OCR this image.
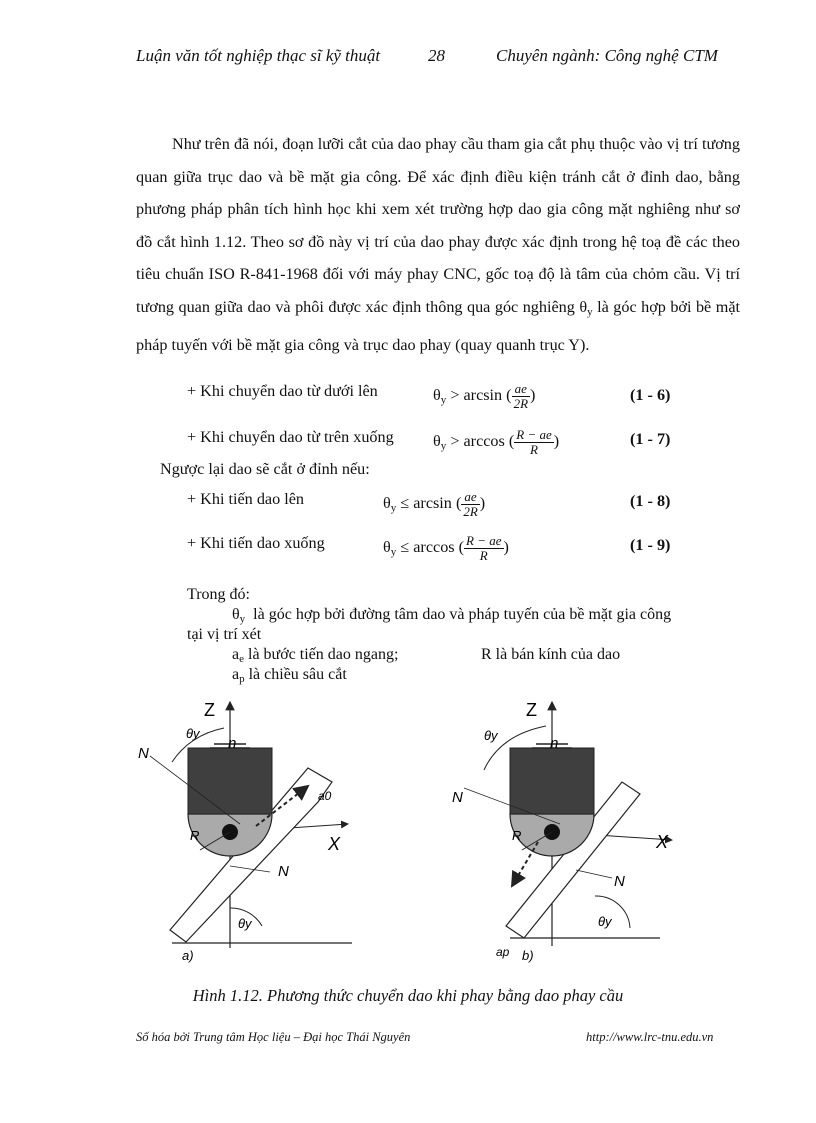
Luận văn tốt nghiệp thạc sĩ kỹ thuật	28	Chuyên ngành: Công nghệ CTM

Như trên đã nói, đoạn lưỡi cắt của dao phay cầu tham gia cắt phụ thuộc vào vị trí tương quan giữa trục dao và bề mặt gia công. Để xác định điều kiện tránh cắt ở đỉnh dao, bằng phương pháp phân tích hình học khi xem xét trường hợp dao gia công mặt nghiêng như sơ đồ cắt hình 1.12. Theo sơ đồ này vị trí của dao phay được xác định trong hệ toạ đề các theo tiêu chuẩn ISO R-841-1968 đối với máy phay CNC, gốc toạ độ là tâm của chỏm cầu. Vị trí tương quan giữa dao và phôi được xác định thông qua góc nghiêng $\theta_y$ là góc hợp bởi bề mặt pháp tuyến với bề mặt gia công và trục dao phay (quay quanh trục Y).

+ Khi chuyển dao từ dưới lên	$\theta_y > \arcsin$ ( $\frac{ae}{2R}$ )	(1 - 6)
+ Khi chuyển dao từ trên xuống $\theta_y > \arccos$ ( $\frac{R - ae}{R}$ )	(1 - 7)
Ngược lại dao sẽ cắt ở đỉnh nếu:
+ Khi tiến dao lên	$\theta_y \le \arcsin$ ( $\frac{ae}{2R}$ )	(1 - 8)
+ Khi tiến dao xuống	$\theta_y \le \arccos$ ( $\frac{R - ae}{R}$ )	(1 - 9)
Trong đó:
$\theta_y$ là góc hợp bởi đường tâm dao và pháp tuyến của bề mặt gia công
tại vị trí xét
$a_e$ là bước tiến dao ngang;	R là bán kính của dao
$a_p$ là chiều sâu cắt
Z
X
R
n
N
θy
a0
N
θy
a)
Z
X
R
n
N
θy
N
θy
ap b)
Hình 1.12. Phương thức chuyển dao khi phay bằng dao phay cầu
Số hóa bởi Trung tâm Học liệu – Đại học Thái Nguyên	http://www.lrc-tnu.edu.vn
